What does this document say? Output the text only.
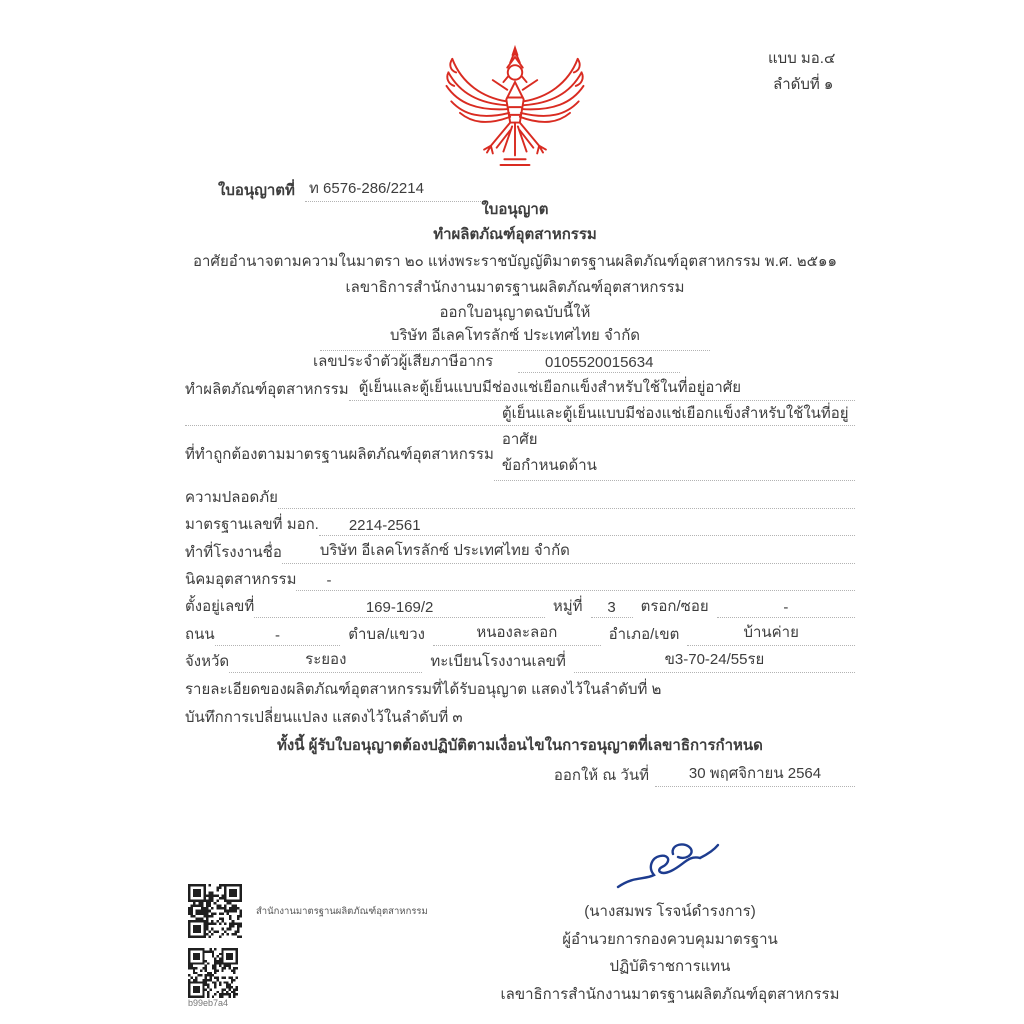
แบบ มอ.๔
ลำดับที่ ๑
ใบอนุญาตที่ ท 6576-286/2214
ใบอนุญาต
ทำผลิตภัณฑ์อุตสาหกรรม
อาศัยอำนาจตามความในมาตรา ๒๐ แห่งพระราชบัญญัติมาตรฐานผลิตภัณฑ์อุตสาหกรรม พ.ศ. ๒๕๑๑
เลขาธิการสำนักงานมาตรฐานผลิตภัณฑ์อุตสาหกรรม
ออกใบอนุญาตฉบับนี้ให้
บริษัท อีเลคโทรลักซ์ ประเทศไทย จำกัด
เลขประจำตัวผู้เสียภาษีอากร	0105520015634
ทำผลิตภัณฑ์อุตสาหกรรม ตู้เย็นและตู้เย็นแบบมีช่องแช่เยือกแข็งสำหรับใช้ในที่อยู่อาศัย
ที่ทำถูกต้องตามมาตรฐานผลิตภัณฑ์อุตสาหกรรม
ตู้เย็นและตู้เย็นแบบมีช่องแช่เยือกแข็งสำหรับใช้ในที่อยู่อาศัย
ข้อกำหนดด้าน
ความปลอดภัย
มาตรฐานเลขที่ มอก.	2214-2561
ทำที่โรงงานชื่อ	บริษัท อีเลคโทรลักซ์ ประเทศไทย จำกัด
นิคมอุตสาหกรรม	-
ตั้งอยู่เลขที่	169-169/2	หมู่ที่	3	ตรอก/ซอย	-
ถนน	-	ตำบล/แขวง	หนองละลอก	อำเภอ/เขต	บ้านค่าย
จังหวัด	ระยอง	ทะเบียนโรงงานเลขที่	ข3-70-24/55รย
รายละเอียดของผลิตภัณฑ์อุตสาหกรรมที่ได้รับอนุญาต แสดงไว้ในลำดับที่ ๒
บันทึกการเปลี่ยนแปลง แสดงไว้ในลำดับที่ ๓
ทั้งนี้ ผู้รับใบอนุญาตต้องปฏิบัติตามเงื่อนไขในการอนุญาตที่เลขาธิการกำหนด
ออกให้ ณ วันที่	30 พฤศจิกายน 2564
(นางสมพร โรจน์ดำรงการ)
ผู้อำนวยการกองควบคุมมาตรฐาน
ปฏิบัติราชการแทน
เลขาธิการสำนักงานมาตรฐานผลิตภัณฑ์อุตสาหกรรม
สำนักงานมาตรฐานผลิตภัณฑ์อุตสาหกรรม
b99eb7a4
